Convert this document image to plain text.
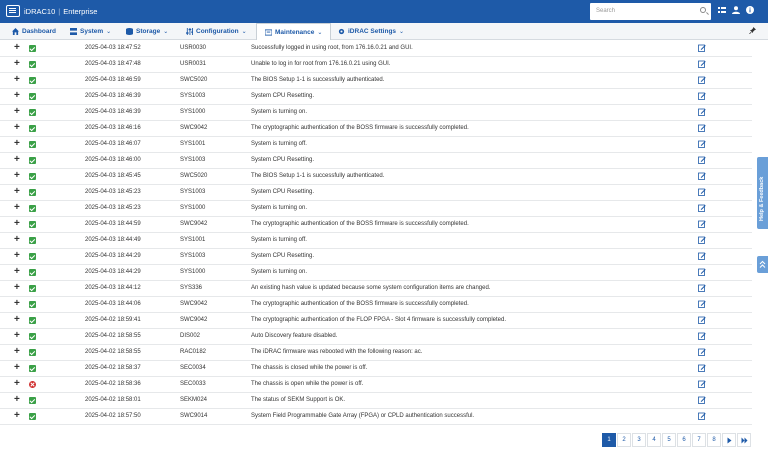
iDRAC10 | Enterprise	Search
Dashboard	System ⌄	Storage ⌄	Configuration ⌄	Maintenance ⌄	iDRAC Settings ⌄
+	2025-04-03 18:47:52	USR0030	Successfully logged in using root, from 176.16.0.21 and GUI.
+	2025-04-03 18:47:48	USR0031	Unable to log in for root from 176.16.0.21 using GUI.
+	2025-04-03 18:46:59	SWC5020	The BIOS Setup 1-1 is successfully authenticated.
+	2025-04-03 18:46:39	SYS1003	System CPU Resetting.
+	2025-04-03 18:46:39	SYS1000	System is turning on.
+	2025-04-03 18:46:16	SWC9042	The cryptographic authentication of the BOSS firmware is successfully completed.
+	2025-04-03 18:46:07	SYS1001	System is turning off.
+	2025-04-03 18:46:00	SYS1003	System CPU Resetting.
+	2025-04-03 18:45:45	SWC5020	The BIOS Setup 1-1 is successfully authenticated.
+	2025-04-03 18:45:23	SYS1003	System CPU Resetting.
+	2025-04-03 18:45:23	SYS1000	System is turning on.
+	2025-04-03 18:44:59	SWC9042	The cryptographic authentication of the BOSS firmware is successfully completed.
+	2025-04-03 18:44:49	SYS1001	System is turning off.
+	2025-04-03 18:44:29	SYS1003	System CPU Resetting.
+	2025-04-03 18:44:29	SYS1000	System is turning on.
+	2025-04-03 18:44:12	SYS336	An existing hash value is updated because some system configuration items are changed.
+	2025-04-03 18:44:06	SWC9042	The cryptographic authentication of the BOSS firmware is successfully completed.
+	2025-04-02 18:59:41	SWC9042	The cryptographic authentication of the FLOP FPGA - Slot 4 firmware is successfully completed.
+	2025-04-02 18:58:55	DIS002	Auto Discovery feature disabled.
+	2025-04-02 18:58:55	RAC0182	The iDRAC firmware was rebooted with the following reason: ac.
+	2025-04-02 18:58:37	SEC0034	The chassis is closed while the power is off.
+	2025-04-02 18:58:36	SEC0033	The chassis is open while the power is off.
+	2025-04-02 18:58:01	SEKM024	The status of SEKM Support is OK.
+	2025-04-02 18:57:50	SWC9014	System Field Programmable Gate Array (FPGA) or CPLD authentication successful.
Help & Feedback
1	2	3	4	5	6	7	8
